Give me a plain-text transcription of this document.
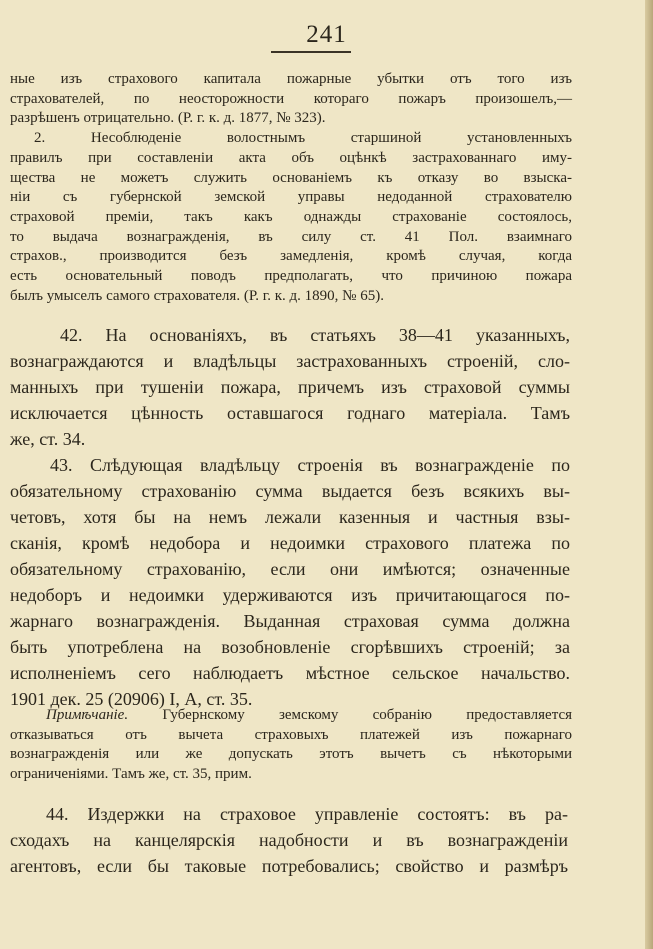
241
ные изъ страхового капитала пожарные убытки отъ того изъ
страхователей, по неосторожности котораго пожаръ произошелъ,—
разрѣшенъ отрицательно. (Р. г. к. д. 1877, № 323).
2. Несоблюденіе волостнымъ старшиной установленныхъ
правилъ при составленіи акта объ оцѣнкѣ застрахованнаго иму-
щества не можетъ служить основаніемъ къ отказу во взыска-
ніи съ губернской земской управы недоданной страхователю
страховой преміи, такъ какъ однажды страхованіе состоялось,
то выдача вознагражденія, въ силу ст. 41 Пол. взаимнаго
страхов., производится безъ замедленія, кромѣ случая, когда
есть основательный поводъ предполагать, что причиною пожара
былъ умыселъ самого страхователя. (Р. г. к. д. 1890, № 65).
42. На основаніяхъ, въ статьяхъ 38—41 указанныхъ,
вознаграждаются и владѣльцы застрахованныхъ строеній, сло-
манныхъ при тушеніи пожара, причемъ изъ страховой суммы
исключается цѣнность оставшагося годнаго матеріала. Тамъ
же, ст. 34.
43. Слѣдующая владѣльцу строенія въ вознагражденіе по
обязательному страхованію сумма выдается безъ всякихъ вы-
четовъ, хотя бы на немъ лежали казенныя и частныя взы-
сканія, кромѣ недобора и недоимки страхового платежа по
обязательному страхованію, если они имѣются; означенные
недоборъ и недоимки удерживаются изъ причитающагося по-
жарнаго вознагражденія. Выданная страховая сумма должна
быть употреблена на возобновленіе сгорѣвшихъ строеній; за
исполненіемъ сего наблюдаетъ мѣстное сельское начальство.
1901 дек. 25 (20906) I, А, ст. 35.
Примѣчаніе. Губернскому земскому собранію предоставляется
отказываться отъ вычета страховыхъ платежей изъ пожарнаго
вознагражденія или же допускать этотъ вычетъ съ нѣкоторыми
ограниченіями. Тамъ же, ст. 35, прим.
44. Издержки на страховое управленіе состоятъ: въ ра-
сходахъ на канцелярскія надобности и въ вознагражденіи
агентовъ, если бы таковые потребовались; свойство и размѣръ
